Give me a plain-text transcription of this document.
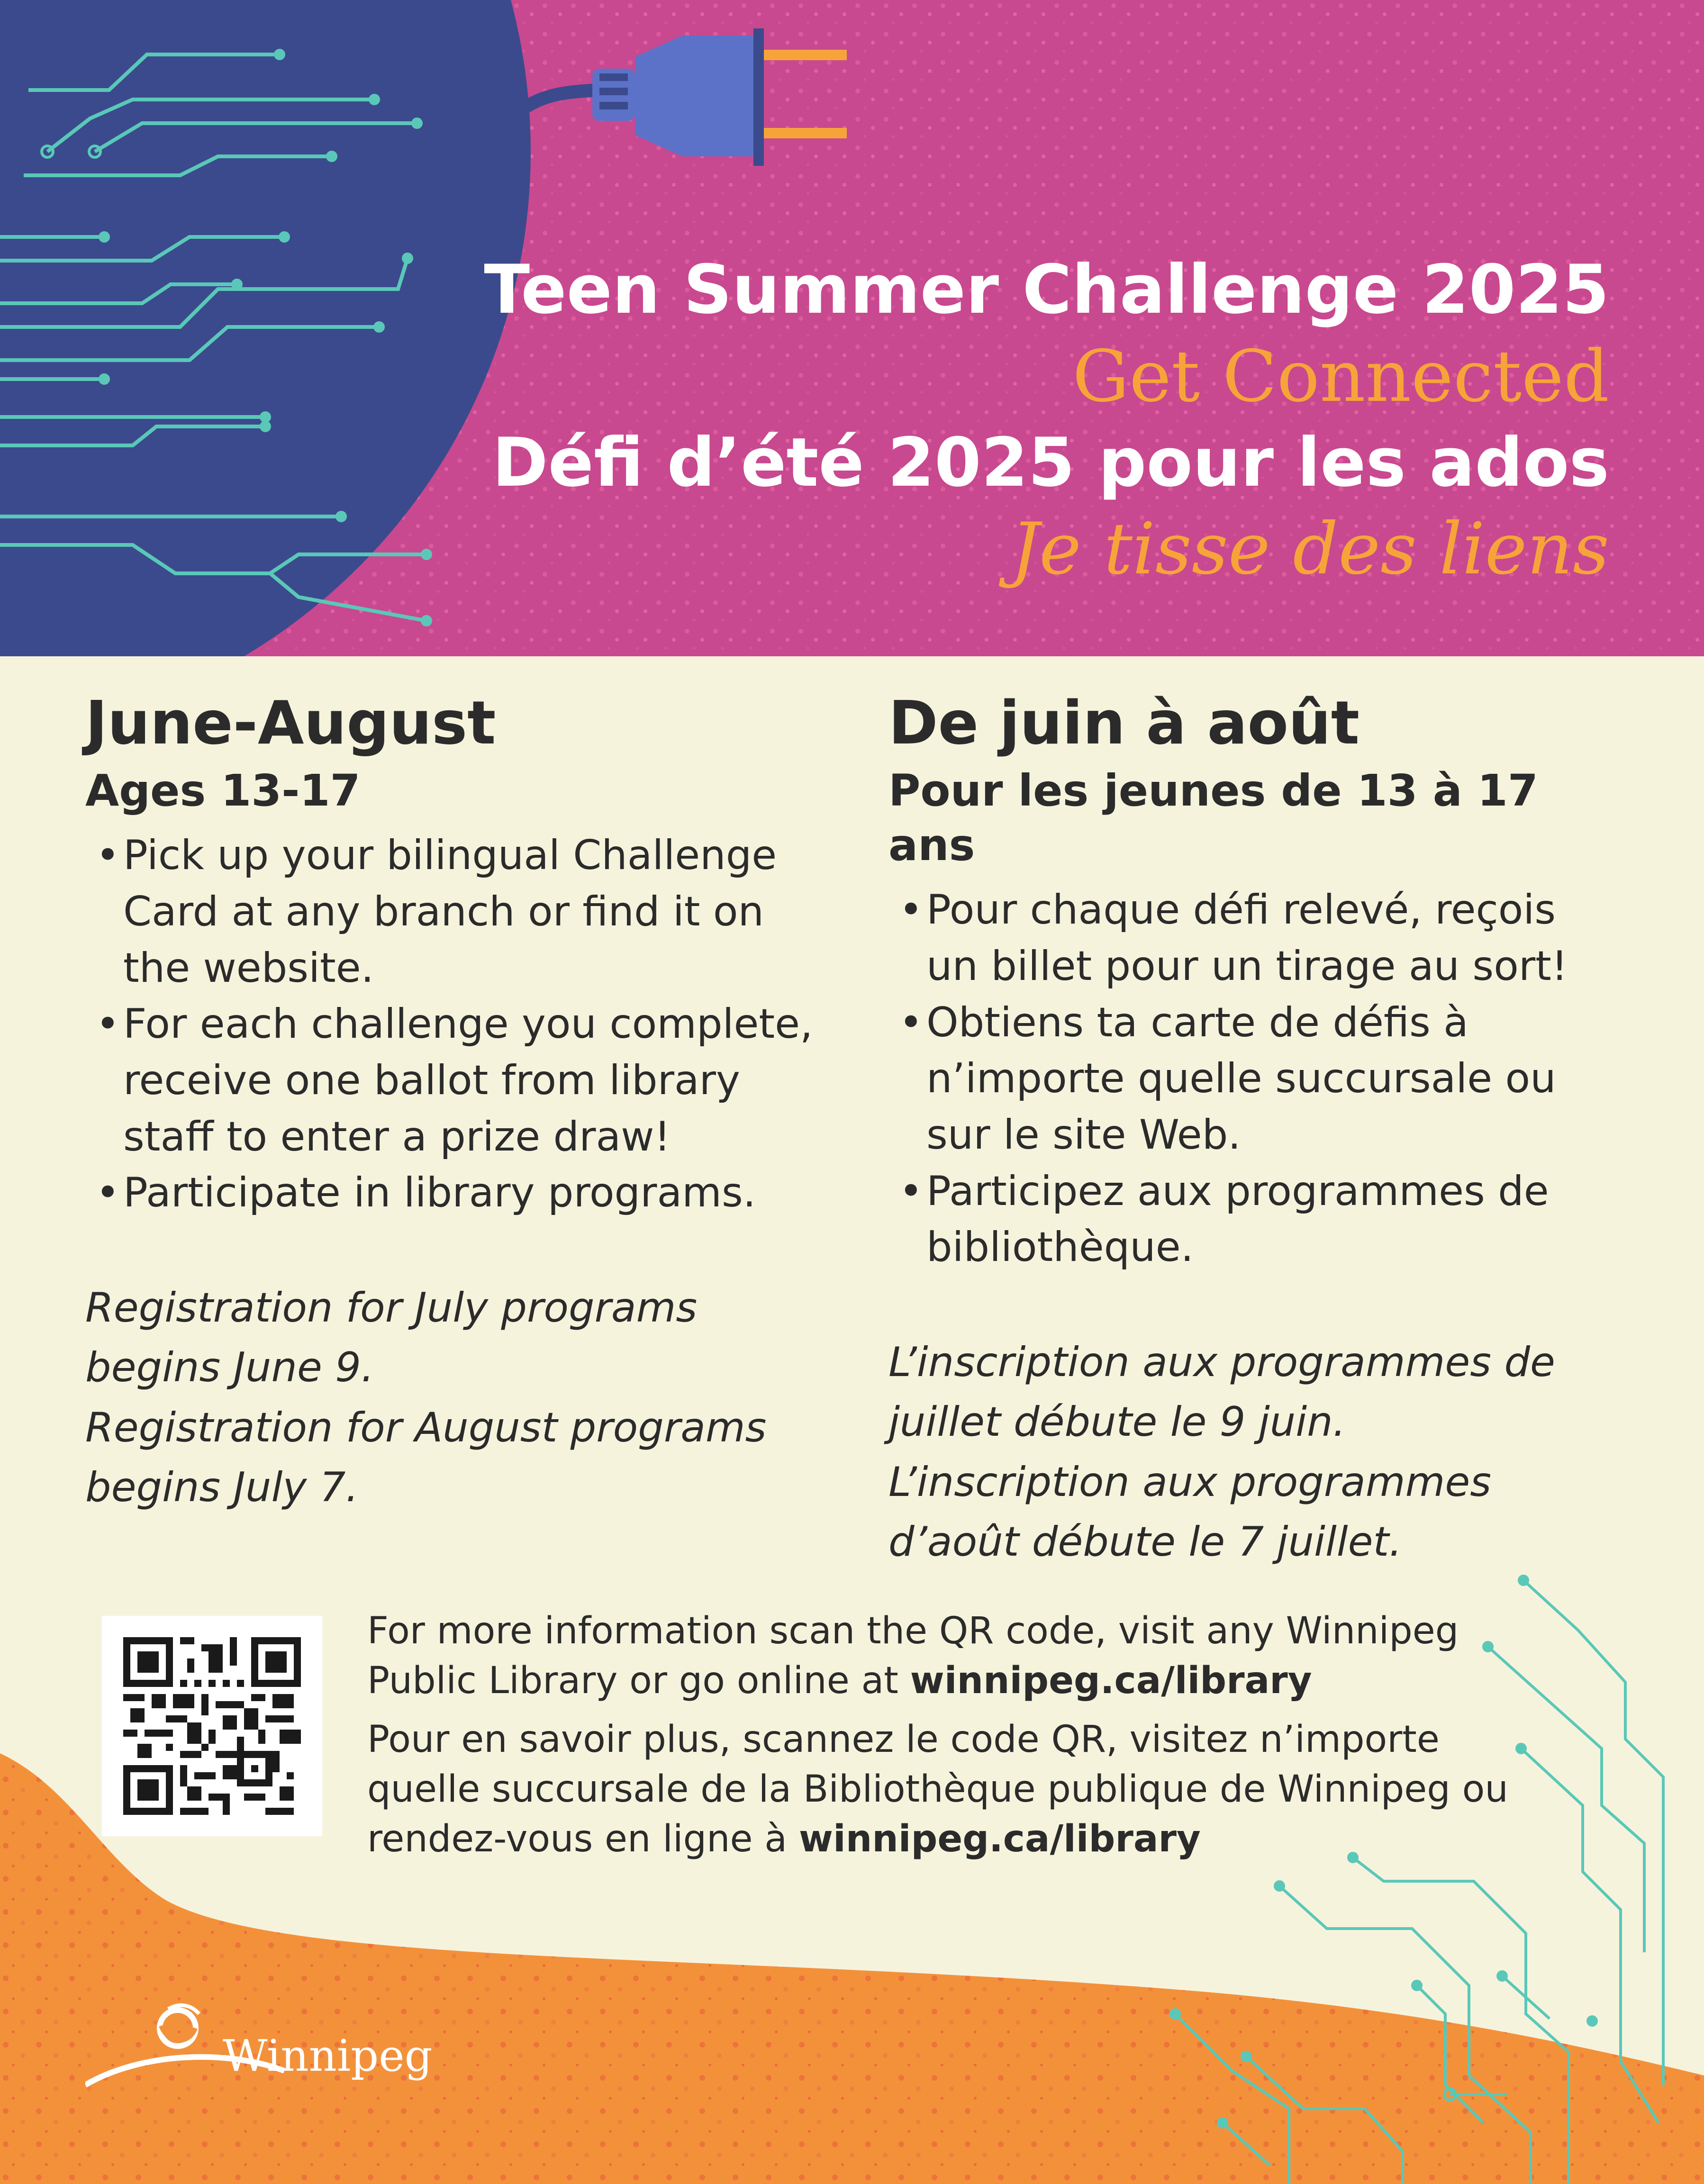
Teen Summer Challenge 2025
Get Connected
Défi d’été 2025 pour les ados
Je tisse des liens
June-August
Ages 13-17
• Pick up your bilingual Challenge Card at any branch or find it on the website.
• For each challenge you complete, receive one ballot from library staff to enter a prize draw!
• Participate in library programs.

Registration for July programs begins June 9.

Registration for August programs begins July 7.

De juin à août
Pour les jeunes de 13 à 17 ans
• Pour chaque défi relevé, reçois un billet pour un tirage au sort!
• Obtiens ta carte de défis à n’importe quelle succursale ou sur le site Web.
• Participez aux programmes de bibliothèque.

L’inscription aux programmes de juillet débute le 9 juin.

L’inscription aux programmes d’août débute le 7 juillet.

For more information scan the QR code, visit any Winnipeg Public Library or go online at winnipeg.ca/library

Pour en savoir plus, scannez le code QR, visitez n’importe quelle succursale de la Bibliothèque publique de Winnipeg ou rendez-vous en ligne à winnipeg.ca/library

Winnipeg
